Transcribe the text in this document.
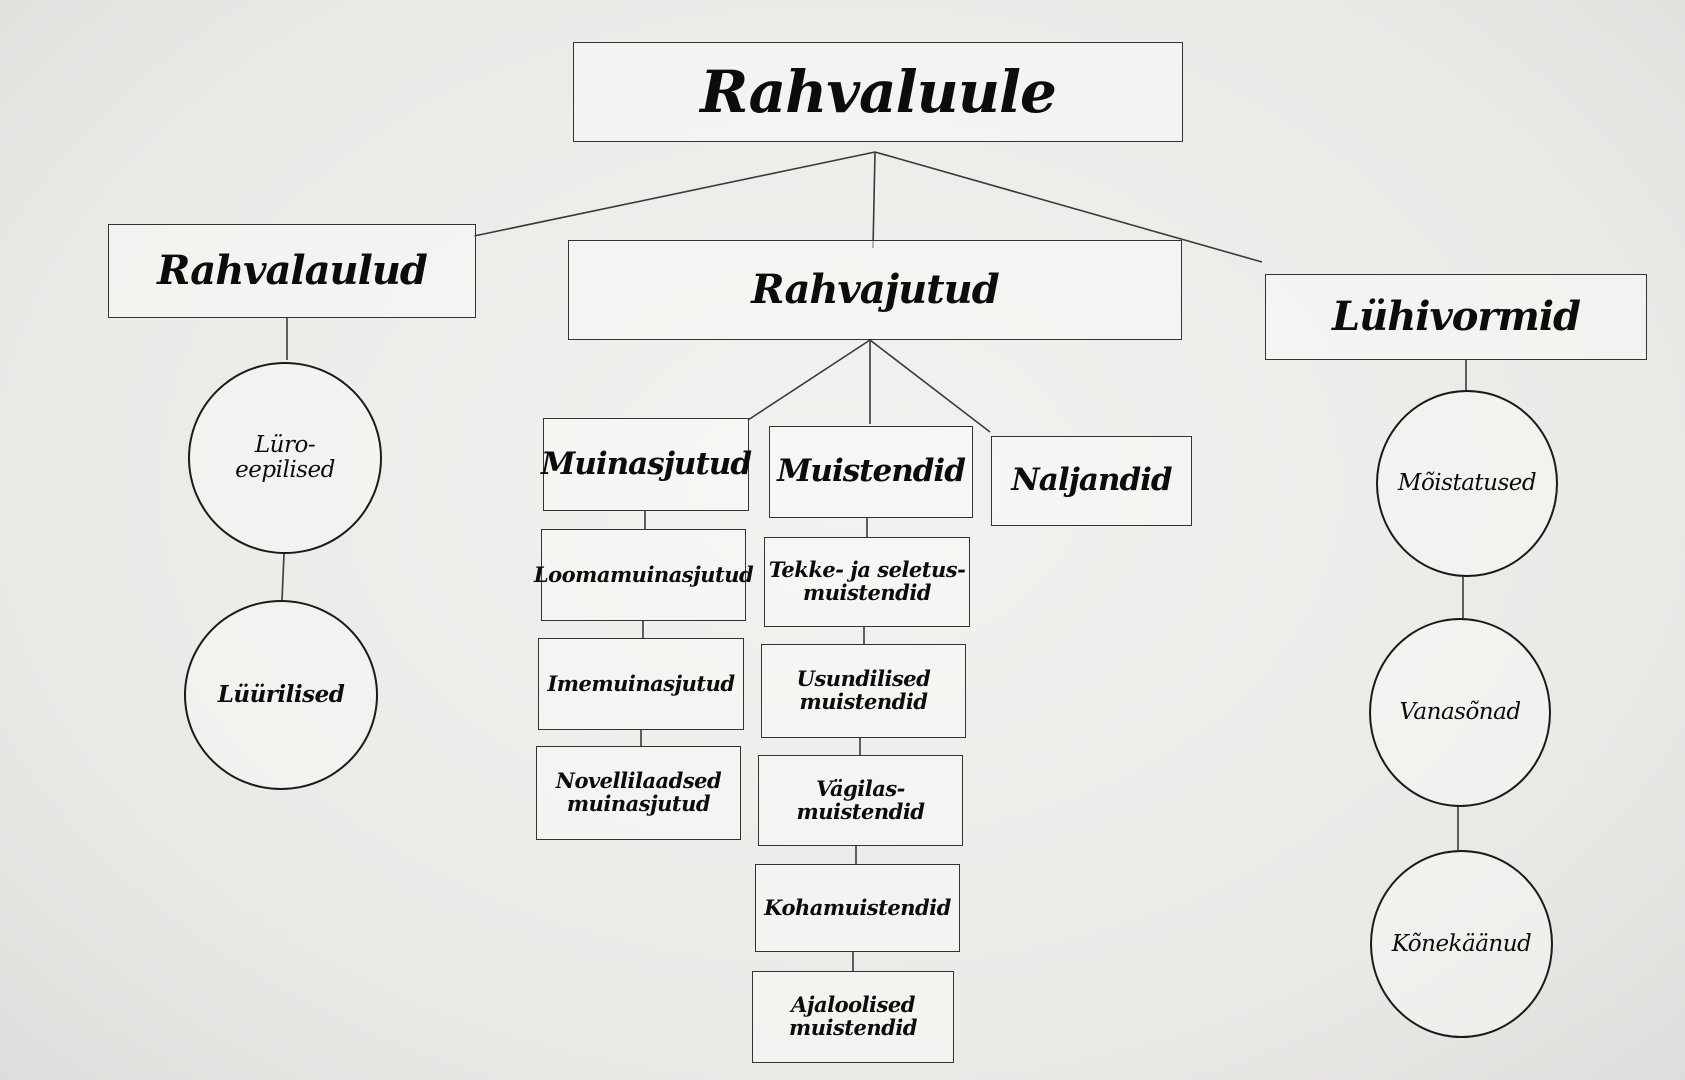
Rahvaluule
Rahvalaulud	Rahvajutud
Lühivormid
Lüro-
eepilised
Lüürilised
Muinasjutud Muistendid	Naljandid
Loomamuinasjutud
Imemuinasjutud
Novellilaadsed
muinasjutud
Tekke- ja seletus-
muistendid
Usundilised
muistendid
Vägilas-
muistendid
Kohamuistendid
Ajaloolised
muistendid
Mõistatused
Vanasõnad
Kõnekäänud
